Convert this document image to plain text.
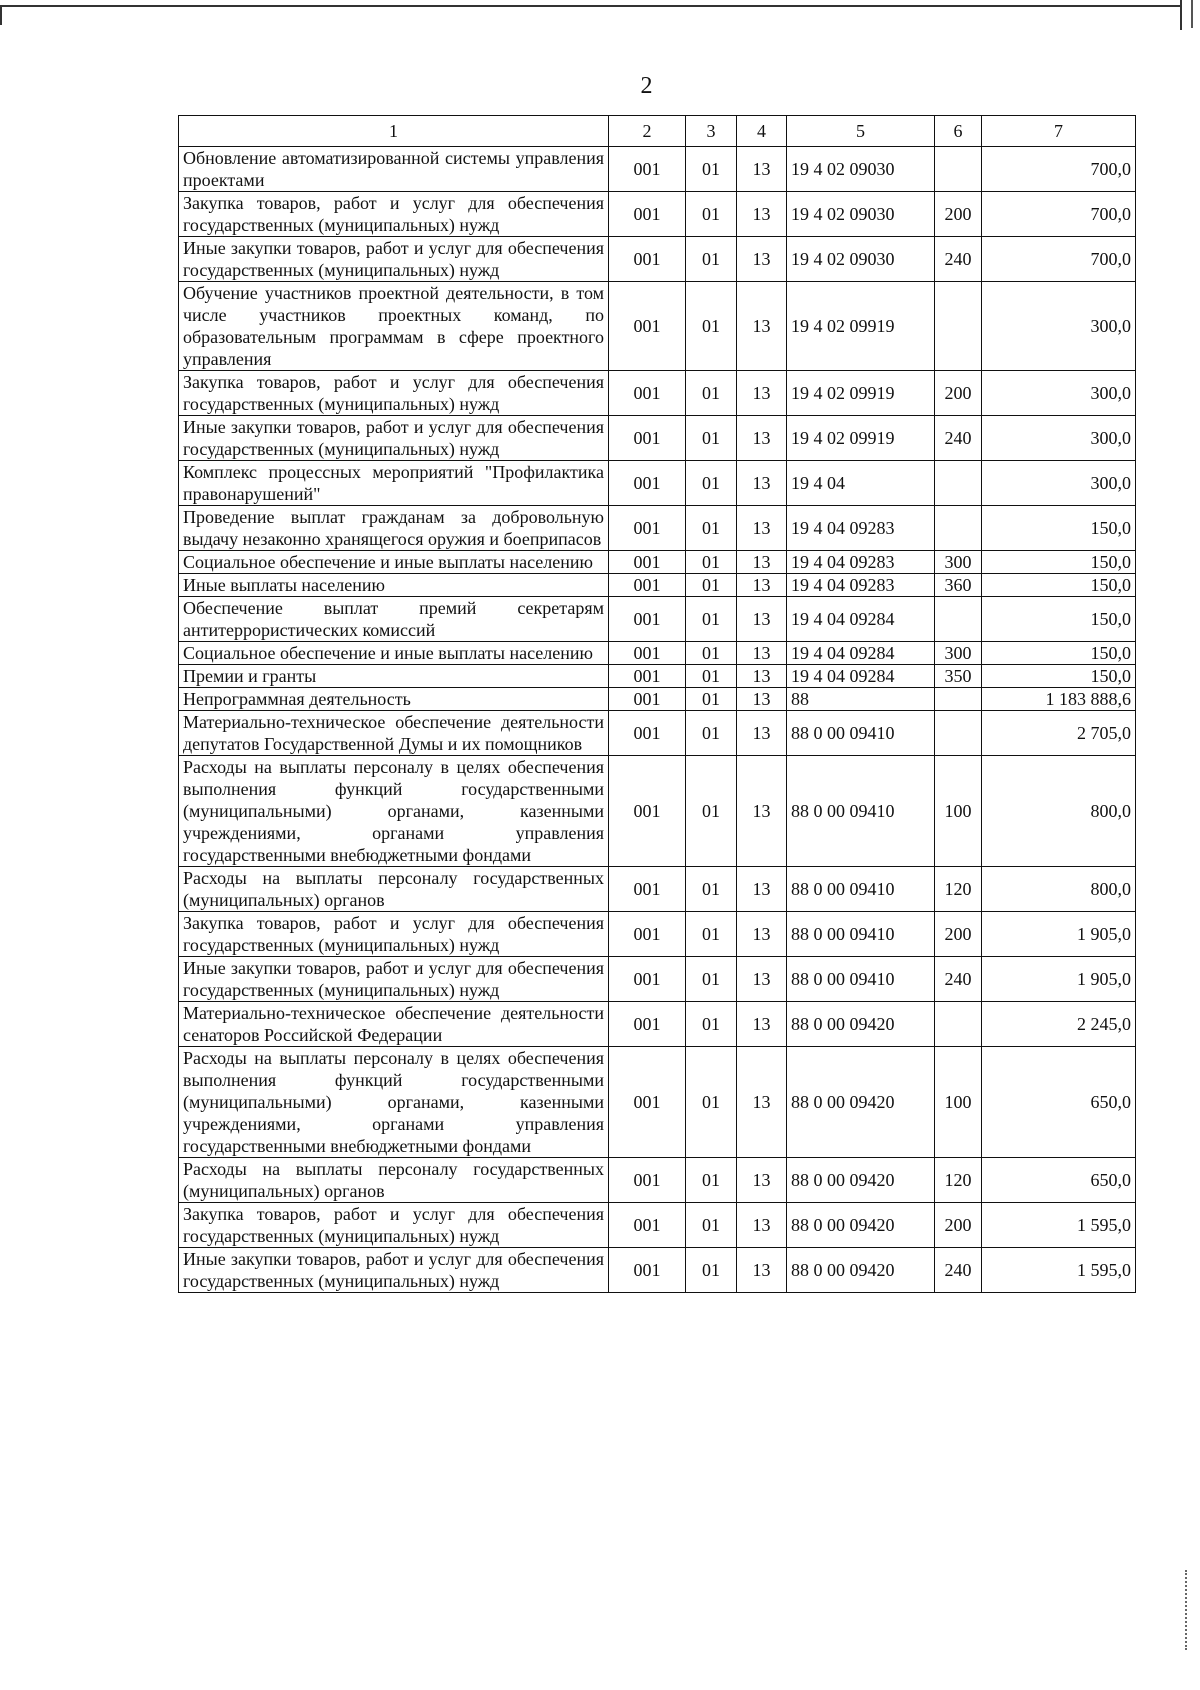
2
1	2	3	4	5	6	7
Обновление автоматизированной системы управления проектами	001	01	13	19 4 02 09030		700,0
Закупка товаров, работ и услуг для обеспечения государственных (муниципальных) нужд	001	01	13	19 4 02 09030	200	700,0
Иные закупки товаров, работ и услуг для обеспечения государственных (муниципальных) нужд	001	01	13	19 4 02 09030	240	700,0
Обучение участников проектной деятельности, в том числе участников проектных команд, по образовательным программам в сфере проектного управления	001	01	13	19 4 02 09919		300,0
Закупка товаров, работ и услуг для обеспечения государственных (муниципальных) нужд	001	01	13	19 4 02 09919	200	300,0
Иные закупки товаров, работ и услуг для обеспечения государственных (муниципальных) нужд	001	01	13	19 4 02 09919	240	300,0
Комплекс процессных мероприятий "Профилактика правонарушений"	001	01	13	19 4 04		300,0
Проведение выплат гражданам за добровольную выдачу незаконно хранящегося оружия и боеприпасов	001	01	13	19 4 04 09283		150,0
Социальное обеспечение и иные выплаты населению	001	01	13	19 4 04 09283	300	150,0
Иные выплаты населению	001	01	13	19 4 04 09283	360	150,0
Обеспечение выплат премий секретарям антитеррористических комиссий	001	01	13	19 4 04 09284		150,0
Социальное обеспечение и иные выплаты населению	001	01	13	19 4 04 09284	300	150,0
Премии и гранты	001	01	13	19 4 04 09284	350	150,0
Непрограммная деятельность	001	01	13	88		1 183 888,6
Материально-техническое обеспечение деятельности депутатов Государственной Думы и их помощников	001	01	13	88 0 00 09410		2 705,0
Расходы на выплаты персоналу в целях обеспечения выполнения функций государственными (муниципальными) органами, казенными учреждениями, органами управления государственными внебюджетными фондами	001	01	13	88 0 00 09410	100	800,0
Расходы на выплаты персоналу государственных (муниципальных) органов	001	01	13	88 0 00 09410	120	800,0
Закупка товаров, работ и услуг для обеспечения государственных (муниципальных) нужд	001	01	13	88 0 00 09410	200	1 905,0
Иные закупки товаров, работ и услуг для обеспечения государственных (муниципальных) нужд	001	01	13	88 0 00 09410	240	1 905,0
Материально-техническое обеспечение деятельности сенаторов Российской Федерации	001	01	13	88 0 00 09420		2 245,0
Расходы на выплаты персоналу в целях обеспечения выполнения функций государственными (муниципальными) органами, казенными учреждениями, органами управления государственными внебюджетными фондами	001	01	13	88 0 00 09420	100	650,0
Расходы на выплаты персоналу государственных (муниципальных) органов	001	01	13	88 0 00 09420	120	650,0
Закупка товаров, работ и услуг для обеспечения государственных (муниципальных) нужд	001	01	13	88 0 00 09420	200	1 595,0
Иные закупки товаров, работ и услуг для обеспечения государственных (муниципальных) нужд	001	01	13	88 0 00 09420	240	1 595,0
